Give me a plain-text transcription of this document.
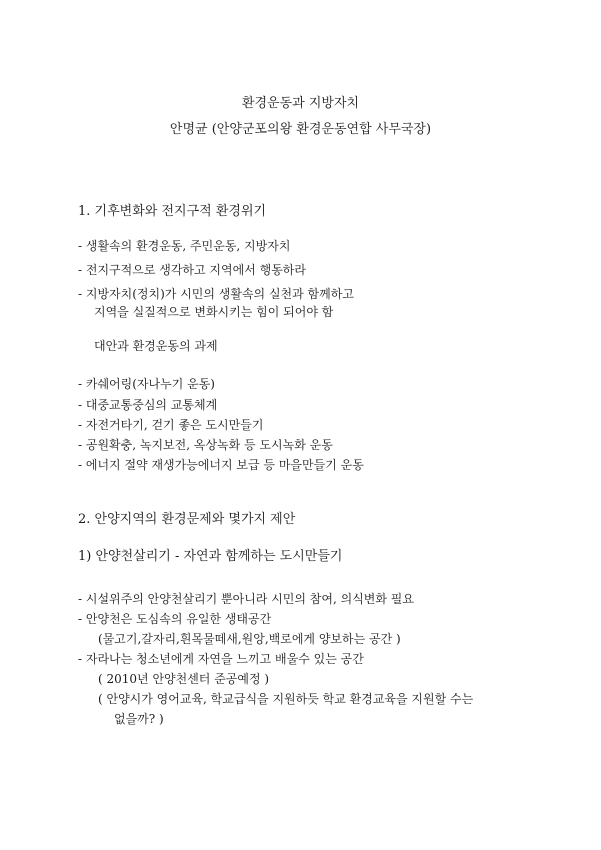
환경운동과 지방자치
안명균 (안양군포의왕 환경운동연합 사무국장)
1. 기후변화와 전지구적 환경위기
- 생활속의 환경운동, 주민운동, 지방자치
- 전지구적으로 생각하고 지역에서 행동하라
- 지방자치(정치)가 시민의 생활속의 실천과 함께하고
지역을 실질적으로 변화시키는 힘이 되어야 함
대안과 환경운동의 과제
- 카쉐어링(자나누기 운동)
- 대중교통중심의 교통체계
- 자전거타기, 걷기 좋은 도시만들기
- 공원확충, 녹지보전, 옥상녹화 등 도시녹화 운동
- 에너지 절약 재생가능에너지 보급 등 마을만들기 운동
2. 안양지역의 환경문제와 몇가지 제안
1) 안양천살리기 - 자연과 함께하는 도시만들기
- 시설위주의 안양천살리기 뿐아니라 시민의 참여, 의식변화 필요
- 안양천은 도심속의 유일한 생태공간
(물고기,갈자리,흰목물떼새,원앙,백로에게 양보하는 공간 )
- 자라나는 청소년에게 자연을 느끼고 배울수 있는 공간
( 2010년 안양천센터 준공예정 )
( 안양시가 영어교육, 학교급식을 지원하듯 학교 환경교육을 지원할 수는
없을까? )
